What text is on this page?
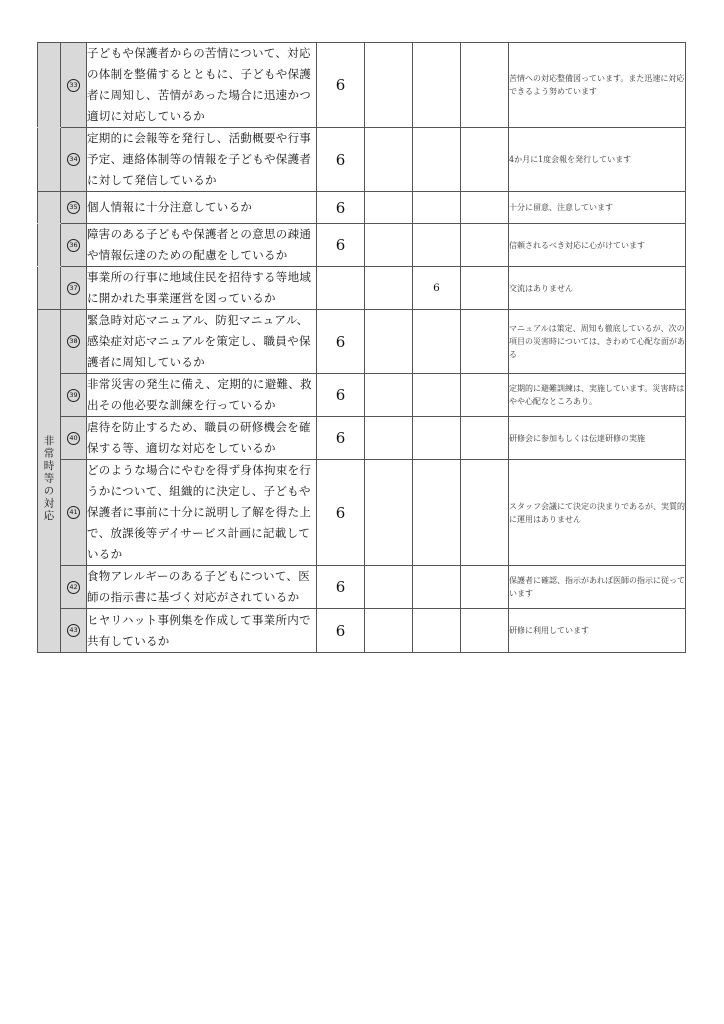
	33	子どもや保護者からの苦情について、対応の体制を整備するとともに、子どもや保護者に周知し、苦情があった場合に迅速かつ適切に対応しているか	6				苦情への対応整備図っています。また迅速に対応できるよう努めています
	34	定期的に会報等を発行し、活動概要や行事予定、連絡体制等の情報を子どもや保護者に対して発信しているか	6				4か月に1度会報を発行しています
	35	個人情報に十分注意しているか	6				十分に留意、注意しています
	36	障害のある子どもや保護者との意思の疎通や情報伝達のための配慮をしているか	6				信頼されるべき対応に心がけています
	37	事業所の行事に地域住民を招待する等地域に開かれた事業運営を図っているか			6		交流はありません
非常時等の対応	38	緊急時対応マニュアル、防犯マニュアル、感染症対応マニュアルを策定し、職員や保護者に周知しているか	6				マニュアルは策定、周知も徹底しているが、次の項目の災害時については、きわめて心配な面がある
	39	非常災害の発生に備え、定期的に避難、救出その他必要な訓練を行っているか	6				定期的に避難訓練は、実施しています。災害時はやや心配なところあり。
	40	虐待を防止するため、職員の研修機会を確保する等、適切な対応をしているか	6				研修会に参加もしくは伝達研修の実施
	41	どのような場合にやむを得ず身体拘束を行うかについて、組織的に決定し、子どもや保護者に事前に十分に説明し了解を得た上で、放課後等デイサービス計画に記載しているか	6				スタッフ会議にて決定の決まりであるが、実質的に運用はありません
	42	食物アレルギーのある子どもについて、医師の指示書に基づく対応がされているか	6				保護者に確認、指示があれば医師の指示に従っています
	43	ヒヤリハット事例集を作成して事業所内で共有しているか	6				研修に利用しています
